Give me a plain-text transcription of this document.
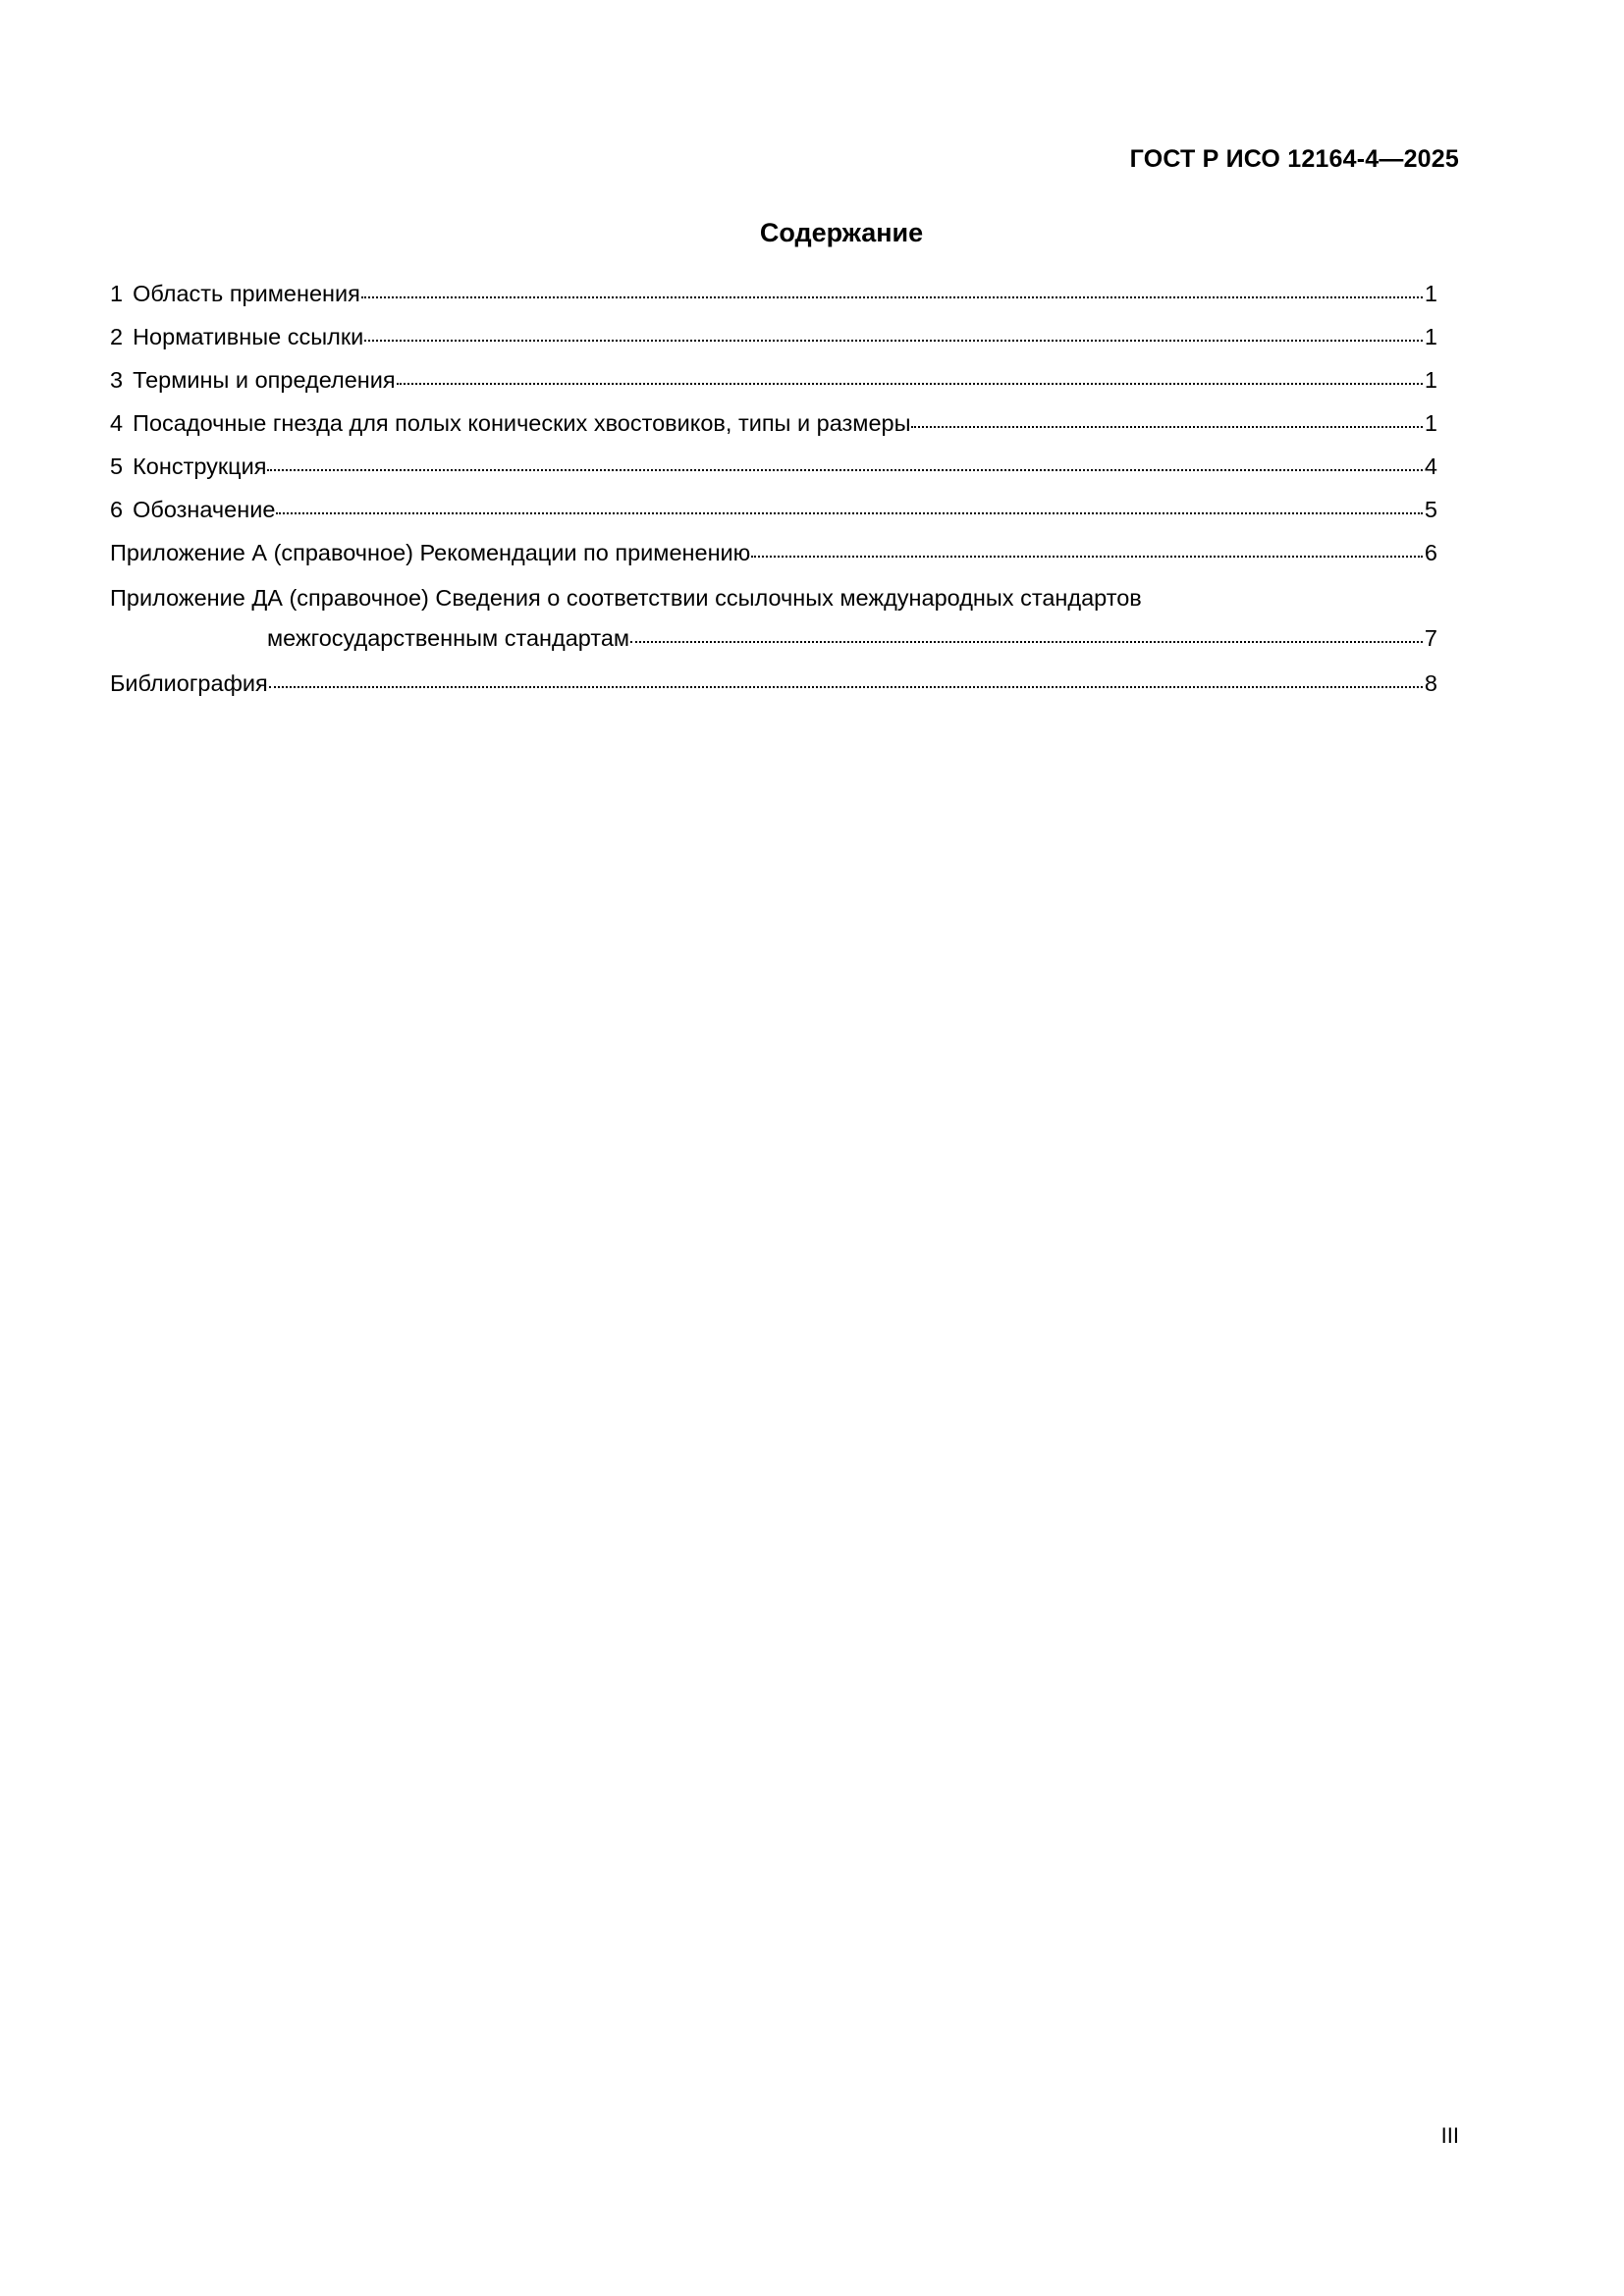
ГОСТ Р ИСО 12164-4—2025
Содержание
1 Область применения	1
2 Нормативные ссылки	1
3 Термины и определения	1
4 Посадочные гнезда для полых конических хвостовиков, типы и размеры	1
5 Конструкция	4
6 Обозначение	5
Приложение А (справочное) Рекомендации по применению	6
Приложение ДА (справочное) Сведения о соответствии ссылочных международных стандартов
межгосударственным стандартам	7
Библиография	8
III
